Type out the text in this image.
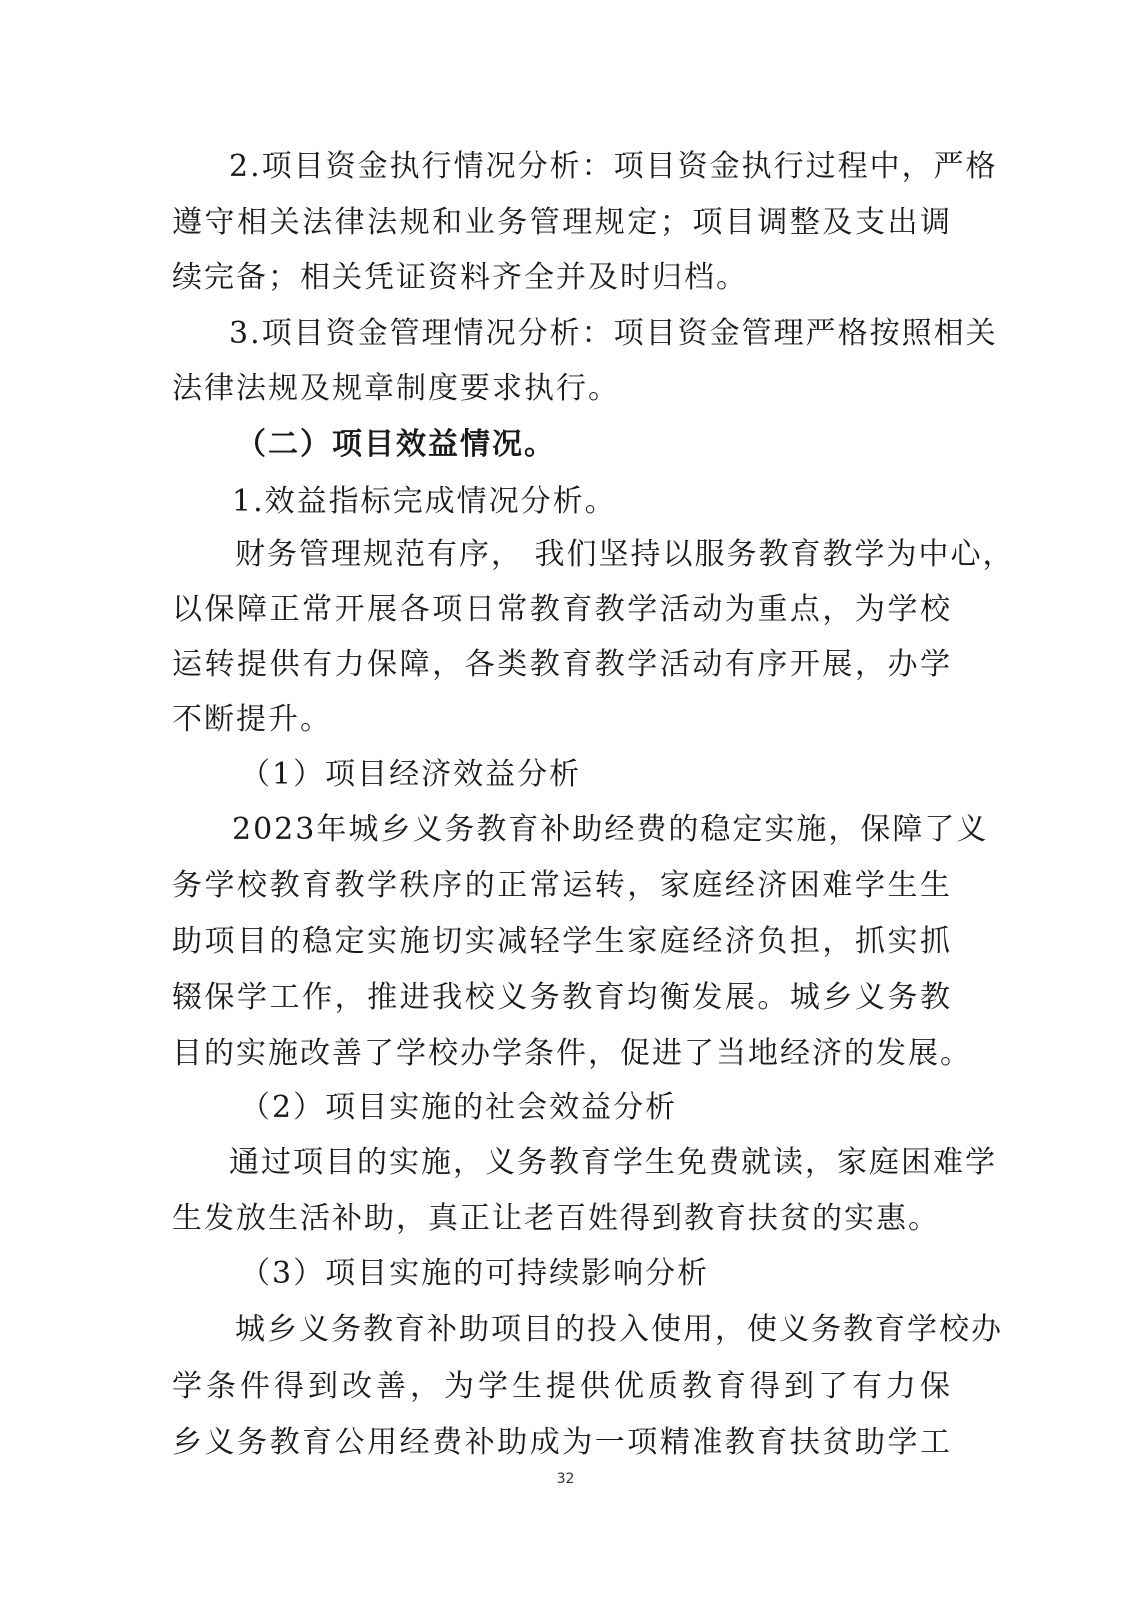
2.项目资金执行情况分析：项目资金执行过程中，严格
遵守相关法律法规和业务管理规定；项目调整及支出调
续完备；相关凭证资料齐全并及时归档。
3.项目资金管理情况分析：项目资金管理严格按照相关
法律法规及规章制度要求执行。
（二）项目效益情况。
1.效益指标完成情况分析。
财务管理规范有序， 我们坚持以服务教育教学为中心，
以保障正常开展各项日常教育教学活动为重点，为学校
运转提供有力保障，各类教育教学活动有序开展，办学
不断提升。
（1）项目经济效益分析
2023年城乡义务教育补助经费的稳定实施，保障了义
务学校教育教学秩序的正常运转，家庭经济困难学生生
助项目的稳定实施切实减轻学生家庭经济负担，抓实抓
辍保学工作，推进我校义务教育均衡发展。城乡义务教
目的实施改善了学校办学条件，促进了当地经济的发展。
（2）项目实施的社会效益分析
通过项目的实施，义务教育学生免费就读，家庭困难学
生发放生活补助，真正让老百姓得到教育扶贫的实惠。
（3）项目实施的可持续影响分析
城乡义务教育补助项目的投入使用，使义务教育学校办
学条件得到改善，为学生提供优质教育得到了有力保
乡义务教育公用经费补助成为一项精准教育扶贫助学工
32
